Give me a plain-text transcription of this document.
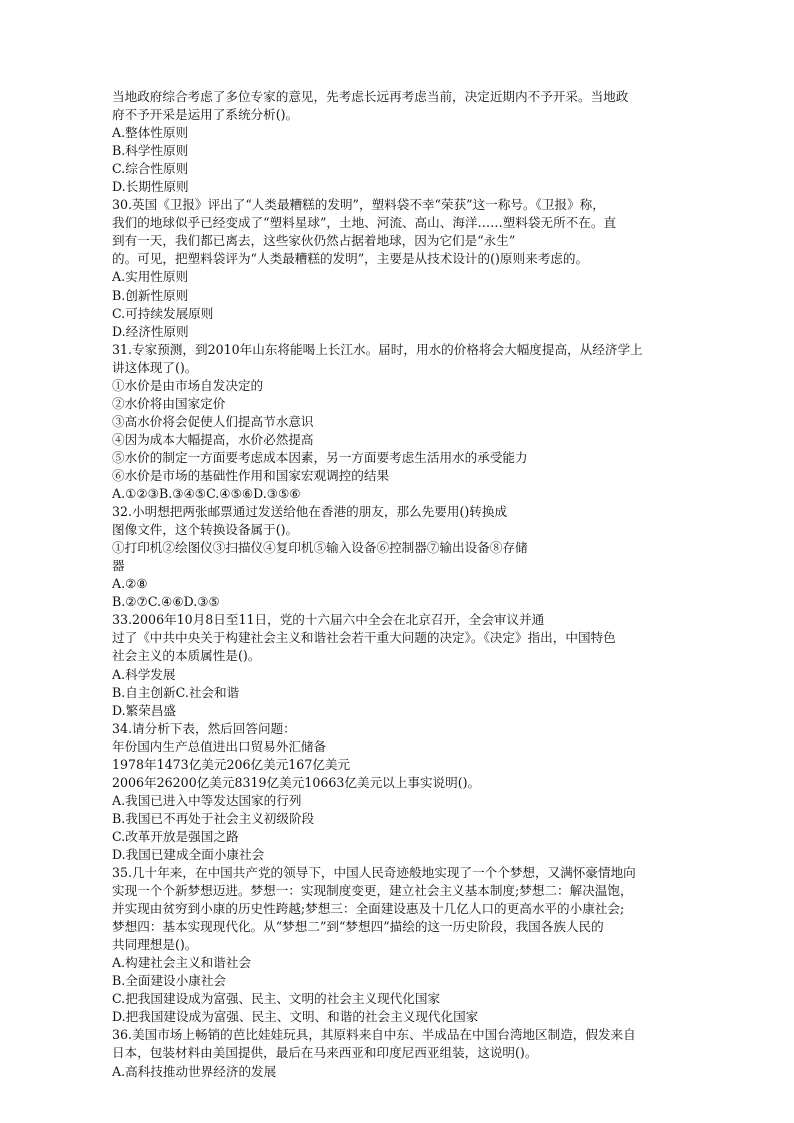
当地政府综合考虑了多位专家的意见，先考虑长远再考虑当前，决定近期内不予开采。当地政
府不予开采是运用了系统分析()。
A.整体性原则
B.科学性原则
C.综合性原则
D.长期性原则
30.英国《卫报》评出了“人类最糟糕的发明”，塑料袋不幸“荣获”这一称号。《卫报》称，
我们的地球似乎已经变成了“塑料星球”，土地、河流、高山、海洋……塑料袋无所不在。直
到有一天，我们都已离去，这些家伙仍然占据着地球，因为它们是“永生”
的。可见，把塑料袋评为“人类最糟糕的发明”，主要是从技术设计的()原则来考虑的。
A.实用性原则
B.创新性原则
C.可持续发展原则
D.经济性原则
31.专家预测，到2010年山东将能喝上长江水。届时，用水的价格将会大幅度提高，从经济学上
讲这体现了()。
①水价是由市场自发决定的
②水价将由国家定价
③高水价将会促使人们提高节水意识
④因为成本大幅提高，水价必然提高
⑤水价的制定一方面要考虑成本因素，另一方面要考虑生活用水的承受能力
⑥水价是市场的基础性作用和国家宏观调控的结果
A.①②③B.③④⑤C.④⑤⑥D.③⑤⑥
32.小明想把两张邮票通过发送给他在香港的朋友，那么先要用()转换成
图像文件，这个转换设备属于()。
①打印机②绘图仪③扫描仪④复印机⑤输入设备⑥控制器⑦输出设备⑧存储
器
A.②⑧
B.②⑦C.④⑥D.③⑤
33.2006年10月8日至11日，党的十六届六中全会在北京召开，全会审议并通
过了《中共中央关于构建社会主义和谐社会若干重大问题的决定》。《决定》指出，中国特色
社会主义的本质属性是()。
A.科学发展
B.自主创新C.社会和谐
D.繁荣昌盛
34.请分析下表，然后回答问题：
年份国内生产总值进出口贸易外汇储备
1978年1473亿美元206亿美元167亿美元
2006年26200亿美元8319亿美元10663亿美元以上事实说明()。
A.我国已进入中等发达国家的行列
B.我国已不再处于社会主义初级阶段
C.改革开放是强国之路
D.我国已建成全面小康社会
35.几十年来，在中国共产党的领导下，中国人民奇迹般地实现了一个个梦想，又满怀豪情地向
实现一个个新梦想迈进。梦想一：实现制度变更，建立社会主义基本制度;梦想二：解决温饱，
并实现由贫穷到小康的历史性跨越;梦想三：全面建设惠及十几亿人口的更高水平的小康社会;
梦想四：基本实现现代化。从“梦想二”到“梦想四”描绘的这一历史阶段，我国各族人民的
共同理想是()。
A.构建社会主义和谐社会
B.全面建设小康社会
C.把我国建设成为富强、民主、文明的社会主义现代化国家
D.把我国建设成为富强、民主、文明、和谐的社会主义现代化国家
36.美国市场上畅销的芭比娃娃玩具，其原料来自中东、半成品在中国台湾地区制造，假发来自
日本，包装材料由美国提供，最后在马来西亚和印度尼西亚组装，这说明()。
A.高科技推动世界经济的发展
